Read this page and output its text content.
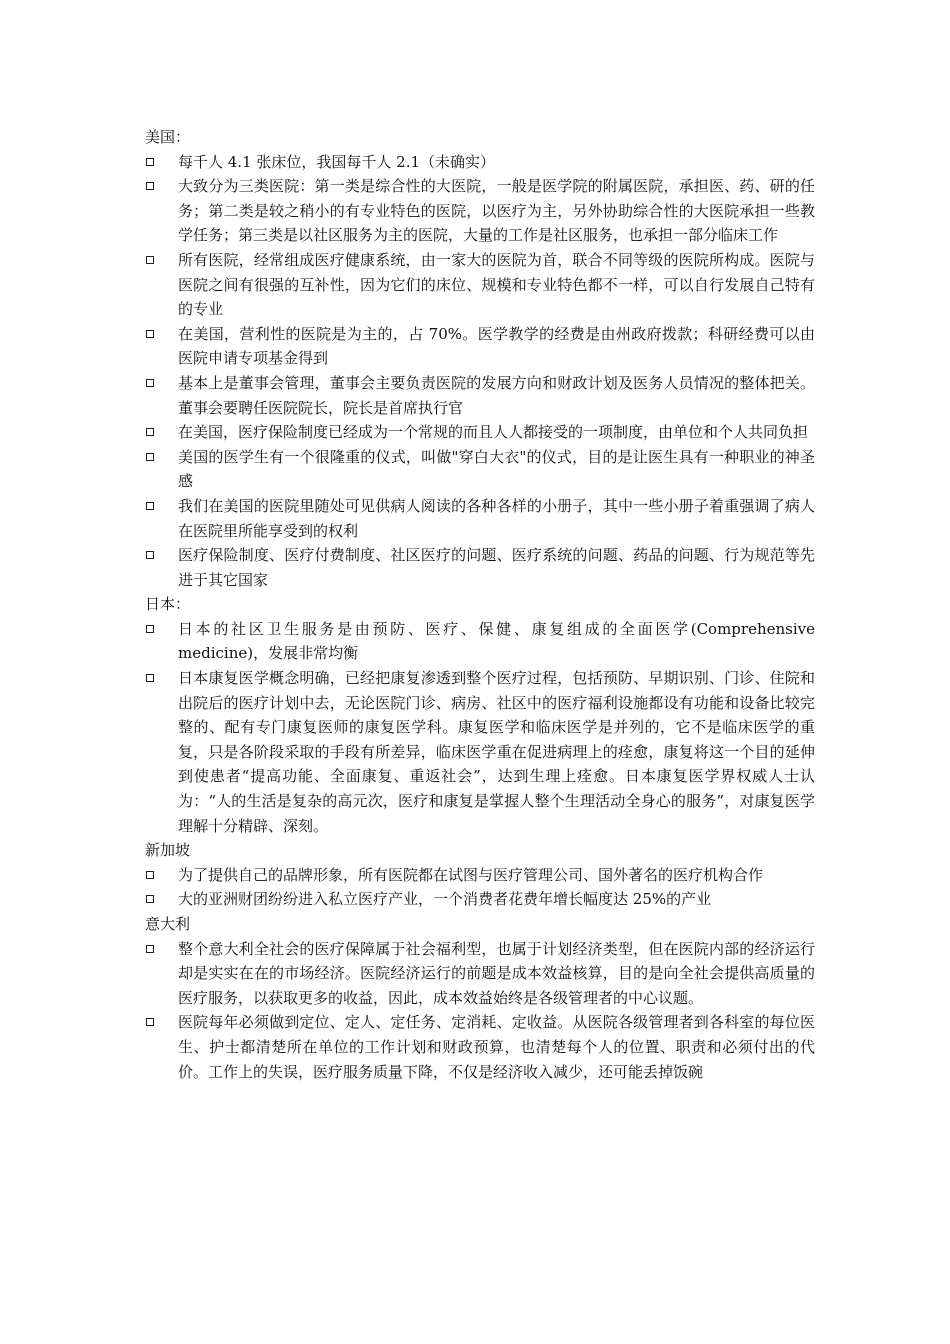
美国：

每千人 4.1 张床位，我国每千人 2.1（未确实）
大致分为三类医院：第一类是综合性的大医院，一般是医学院的附属医院，承担医、药、研的任务；第二类是较之稍小的有专业特色的医院，以医疗为主，另外协助综合性的大医院承担一些教学任务；第三类是以社区服务为主的医院，大量的工作是社区服务，也承担一部分临床工作
所有医院，经常组成医疗健康系统，由一家大的医院为首，联合不同等级的医院所构成。医院与医院之间有很强的互补性，因为它们的床位、规模和专业特色都不一样，可以自行发展自己特有的专业
在美国，营利性的医院是为主的，占 70%。医学教学的经费是由州政府拨款；科研经费可以由医院申请专项基金得到
基本上是董事会管理，董事会主要负责医院的发展方向和财政计划及医务人员情况的整体把关。董事会要聘任医院院长，院长是首席执行官
在美国，医疗保险制度已经成为一个常规的而且人人都接受的一项制度，由单位和个人共同负担
美国的医学生有一个很隆重的仪式，叫做"穿白大衣"的仪式，目的是让医生具有一种职业的神圣感
我们在美国的医院里随处可见供病人阅读的各种各样的小册子，其中一些小册子着重强调了病人在医院里所能享受到的权利
医疗保险制度、医疗付费制度、社区医疗的问题、医疗系统的问题、药品的问题、行为规范等先进于其它国家

日本：

日本的社区卫生服务是由预防、医疗、保健、康复组成的全面医学(Comprehensive medicine)，发展非常均衡
日本康复医学概念明确，已经把康复渗透到整个医疗过程，包括预防、早期识别、门诊、住院和出院后的医疗计划中去，无论医院门诊、病房、社区中的医疗福利设施都设有功能和设备比较完整的、配有专门康复医师的康复医学科。康复医学和临床医学是并列的，它不是临床医学的重复，只是各阶段采取的手段有所差异，临床医学重在促进病理上的痊愈，康复将这一个目的延伸到使患者“提高功能、全面康复、重返社会”，达到生理上痊愈。日本康复医学界权威人士认为：“人的生活是复杂的高元次，医疗和康复是掌握人整个生理活动全身心的服务”，对康复医学理解十分精辟、深刻。

新加坡

为了提供自己的品牌形象，所有医院都在试图与医疗管理公司、国外著名的医疗机构合作
大的亚洲财团纷纷进入私立医疗产业，一个消费者花费年增长幅度达 25%的产业

意大利

整个意大利全社会的医疗保障属于社会福利型，也属于计划经济类型，但在医院内部的经济运行却是实实在在的市场经济。医院经济运行的前题是成本效益核算，目的是向全社会提供高质量的医疗服务，以获取更多的收益，因此，成本效益始终是各级管理者的中心议题。
医院每年必须做到定位、定人、定任务、定消耗、定收益。从医院各级管理者到各科室的每位医生、护士都清楚所在单位的工作计划和财政预算，也清楚每个人的位置、职责和必须付出的代价。工作上的失误，医疗服务质量下降，不仅是经济收入减少，还可能丢掉饭碗
